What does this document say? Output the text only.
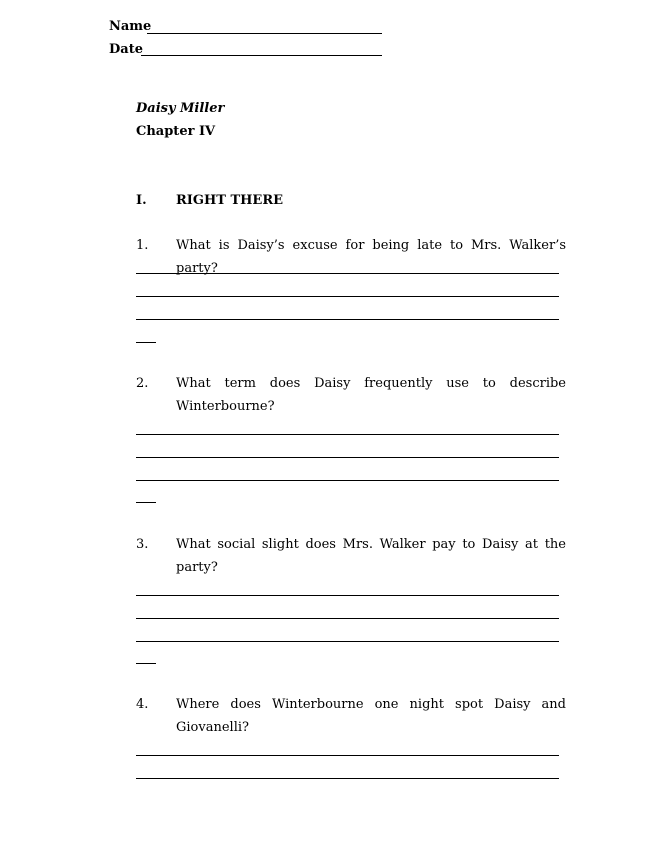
Name
Date
Daisy Miller
Chapter IV
I. RIGHT THERE
1. What is Daisy’s excuse for being late to Mrs. Walker’s party?
2. What term does Daisy frequently use to describe Winterbourne?
3. What social slight does Mrs. Walker pay to Daisy at the party?
4. Where does Winterbourne one night spot Daisy and Giovanelli?
